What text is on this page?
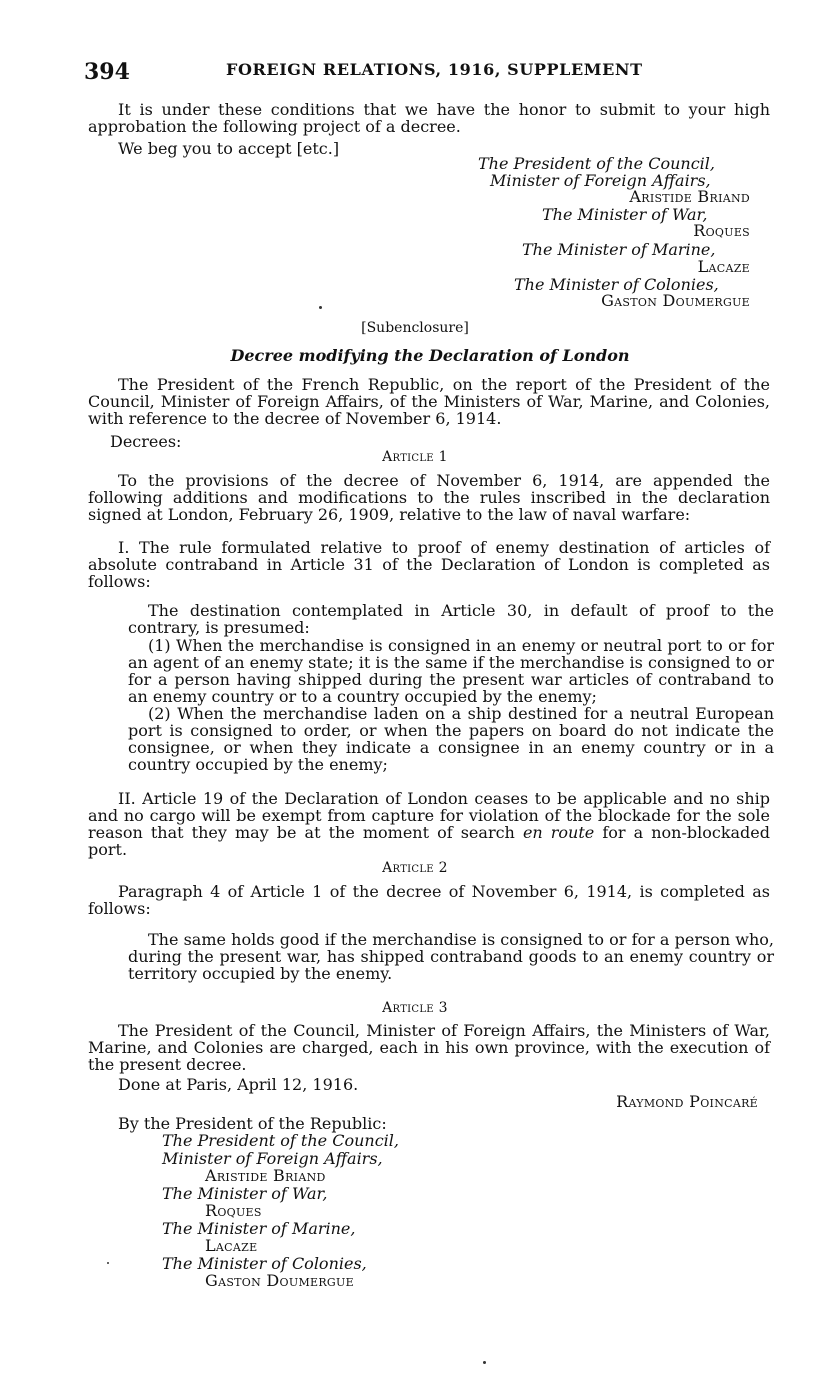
394	FOREIGN RELATIONS, 1916, SUPPLEMENT
It is under these conditions that we have the honor to submit to your high approbation the following project of a decree.
We beg you to accept [etc.]
The President of the Council,
Minister of Foreign Affairs,
Aristide Briand
The Minister of War,
Roques
The Minister of Marine,
Lacaze
The Minister of Colonies,
Gaston Doumergue
[Subenclosure]
Decree modifying the Declaration of London
The President of the French Republic, on the report of the President of the Council, Minister of Foreign Affairs, of the Ministers of War, Marine, and Colonies, with reference to the decree of November 6, 1914.
Decrees:
Article 1
To the provisions of the decree of November 6, 1914, are appended the following additions and modifications to the rules inscribed in the declaration signed at London, February 26, 1909, relative to the law of naval warfare:
I. The rule formulated relative to proof of enemy destination of articles of absolute contraband in Article 31 of the Declaration of London is completed as follows:
The destination contemplated in Article 30, in default of proof to the contrary, is presumed:
(1) When the merchandise is consigned in an enemy or neutral port to or for an agent of an enemy state; it is the same if the merchandise is consigned to or for a person having shipped during the present war articles of contraband to an enemy country or to a country occupied by the enemy;
(2) When the merchandise laden on a ship destined for a neutral European port is consigned to order, or when the papers on board do not indicate the consignee, or when they indicate a consignee in an enemy country or in a country occupied by the enemy;
II. Article 19 of the Declaration of London ceases to be applicable and no ship and no cargo will be exempt from capture for violation of the blockade for the sole reason that they may be at the moment of search en route for a non-blockaded port.
Article 2
Paragraph 4 of Article 1 of the decree of November 6, 1914, is completed as follows:
The same holds good if the merchandise is consigned to or for a person who, during the present war, has shipped contraband goods to an enemy country or territory occupied by the enemy.
Article 3
The President of the Council, Minister of Foreign Affairs, the Ministers of War, Marine, and Colonies are charged, each in his own province, with the execution of the present decree.
Done at Paris, April 12, 1916.
Raymond Poincaré
By the President of the Republic:
The President of the Council,
Minister of Foreign Affairs,
Aristide Briand
The Minister of War,
Roques
The Minister of Marine,
Lacaze
The Minister of Colonies,
Gaston Doumergue
